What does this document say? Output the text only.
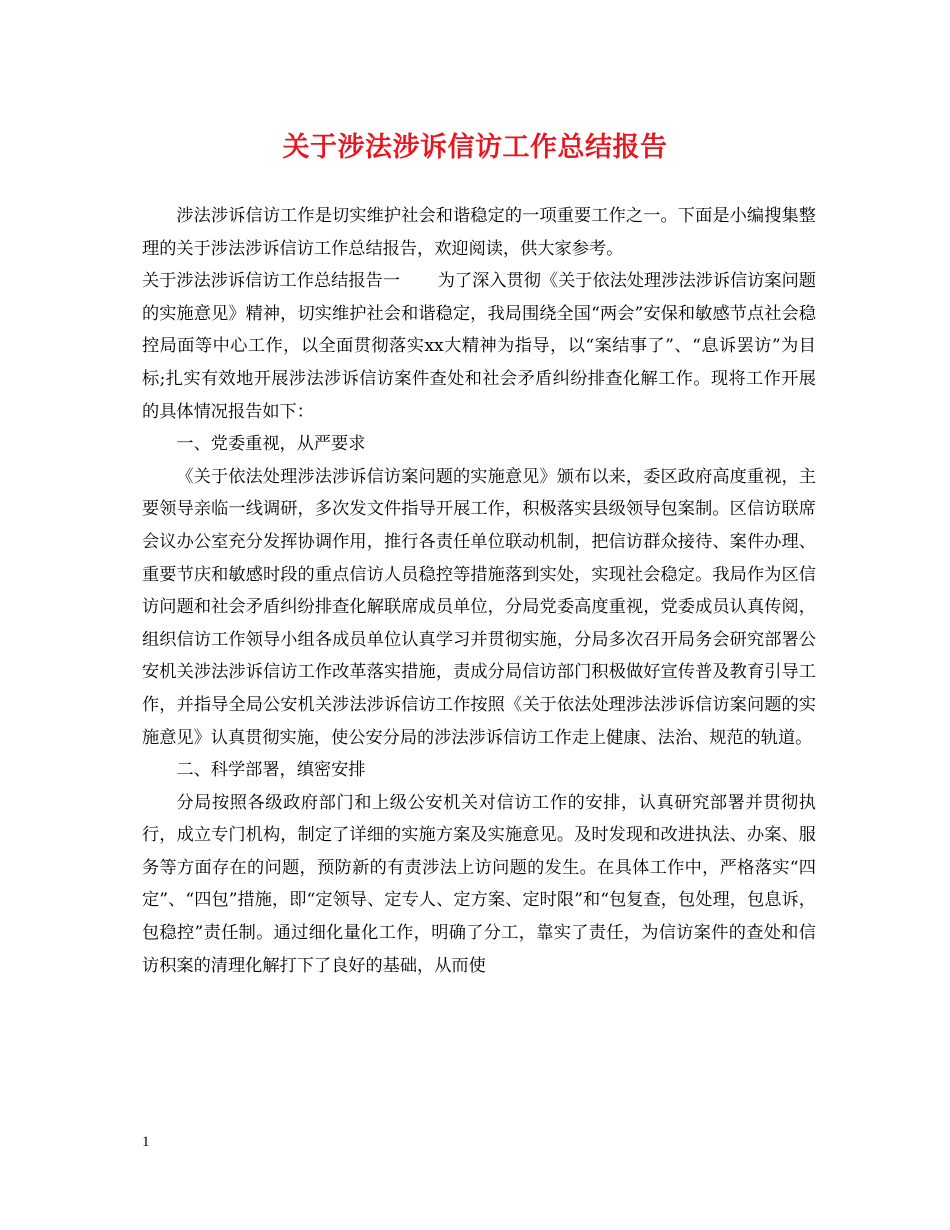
关于涉法涉诉信访工作总结报告

涉法涉诉信访工作是切实维护社会和谐稳定的一项重要工作之一。下面是小编搜集整理的关于涉法涉诉信访工作总结报告，欢迎阅读，供大家参考。

关于涉法涉诉信访工作总结报告一 为了深入贯彻《关于依法处理涉法涉诉信访案问题的实施意见》精神，切实维护社会和谐稳定，我局围绕全国“两会”安保和敏感节点社会稳控局面等中心工作，以全面贯彻落实xx大精神为指导，以“案结事了”、“息诉罢访”为目标;扎实有效地开展涉法涉诉信访案件查处和社会矛盾纠纷排查化解工作。现将工作开展的具体情况报告如下：

一、党委重视，从严要求

《关于依法处理涉法涉诉信访案问题的实施意见》颁布以来，委区政府高度重视，主要领导亲临一线调研，多次发文件指导开展工作，积极落实县级领导包案制。区信访联席会议办公室充分发挥协调作用，推行各责任单位联动机制，把信访群众接待、案件办理、重要节庆和敏感时段的重点信访人员稳控等措施落到实处，实现社会稳定。我局作为区信访问题和社会矛盾纠纷排查化解联席成员单位，分局党委高度重视，党委成员认真传阅，组织信访工作领导小组各成员单位认真学习并贯彻实施，分局多次召开局务会研究部署公安机关涉法涉诉信访工作改革落实措施，责成分局信访部门积极做好宣传普及教育引导工作，并指导全局公安机关涉法涉诉信访工作按照《关于依法处理涉法涉诉信访案问题的实施意见》认真贯彻实施，使公安分局的涉法涉诉信访工作走上健康、法治、规范的轨道。

二、科学部署，缜密安排

分局按照各级政府部门和上级公安机关对信访工作的安排，认真研究部署并贯彻执行，成立专门机构，制定了详细的实施方案及实施意见。及时发现和改进执法、办案、服务等方面存在的问题，预防新的有责涉法上访问题的发生。在具体工作中，严格落实“四定”、“四包”措施，即“定领导、定专人、定方案、定时限”和“包复查，包处理，包息诉，包稳控”责任制。通过细化量化工作，明确了分工，靠实了责任，为信访案件的查处和信访积案的清理化解打下了良好的基础，从而使

1
